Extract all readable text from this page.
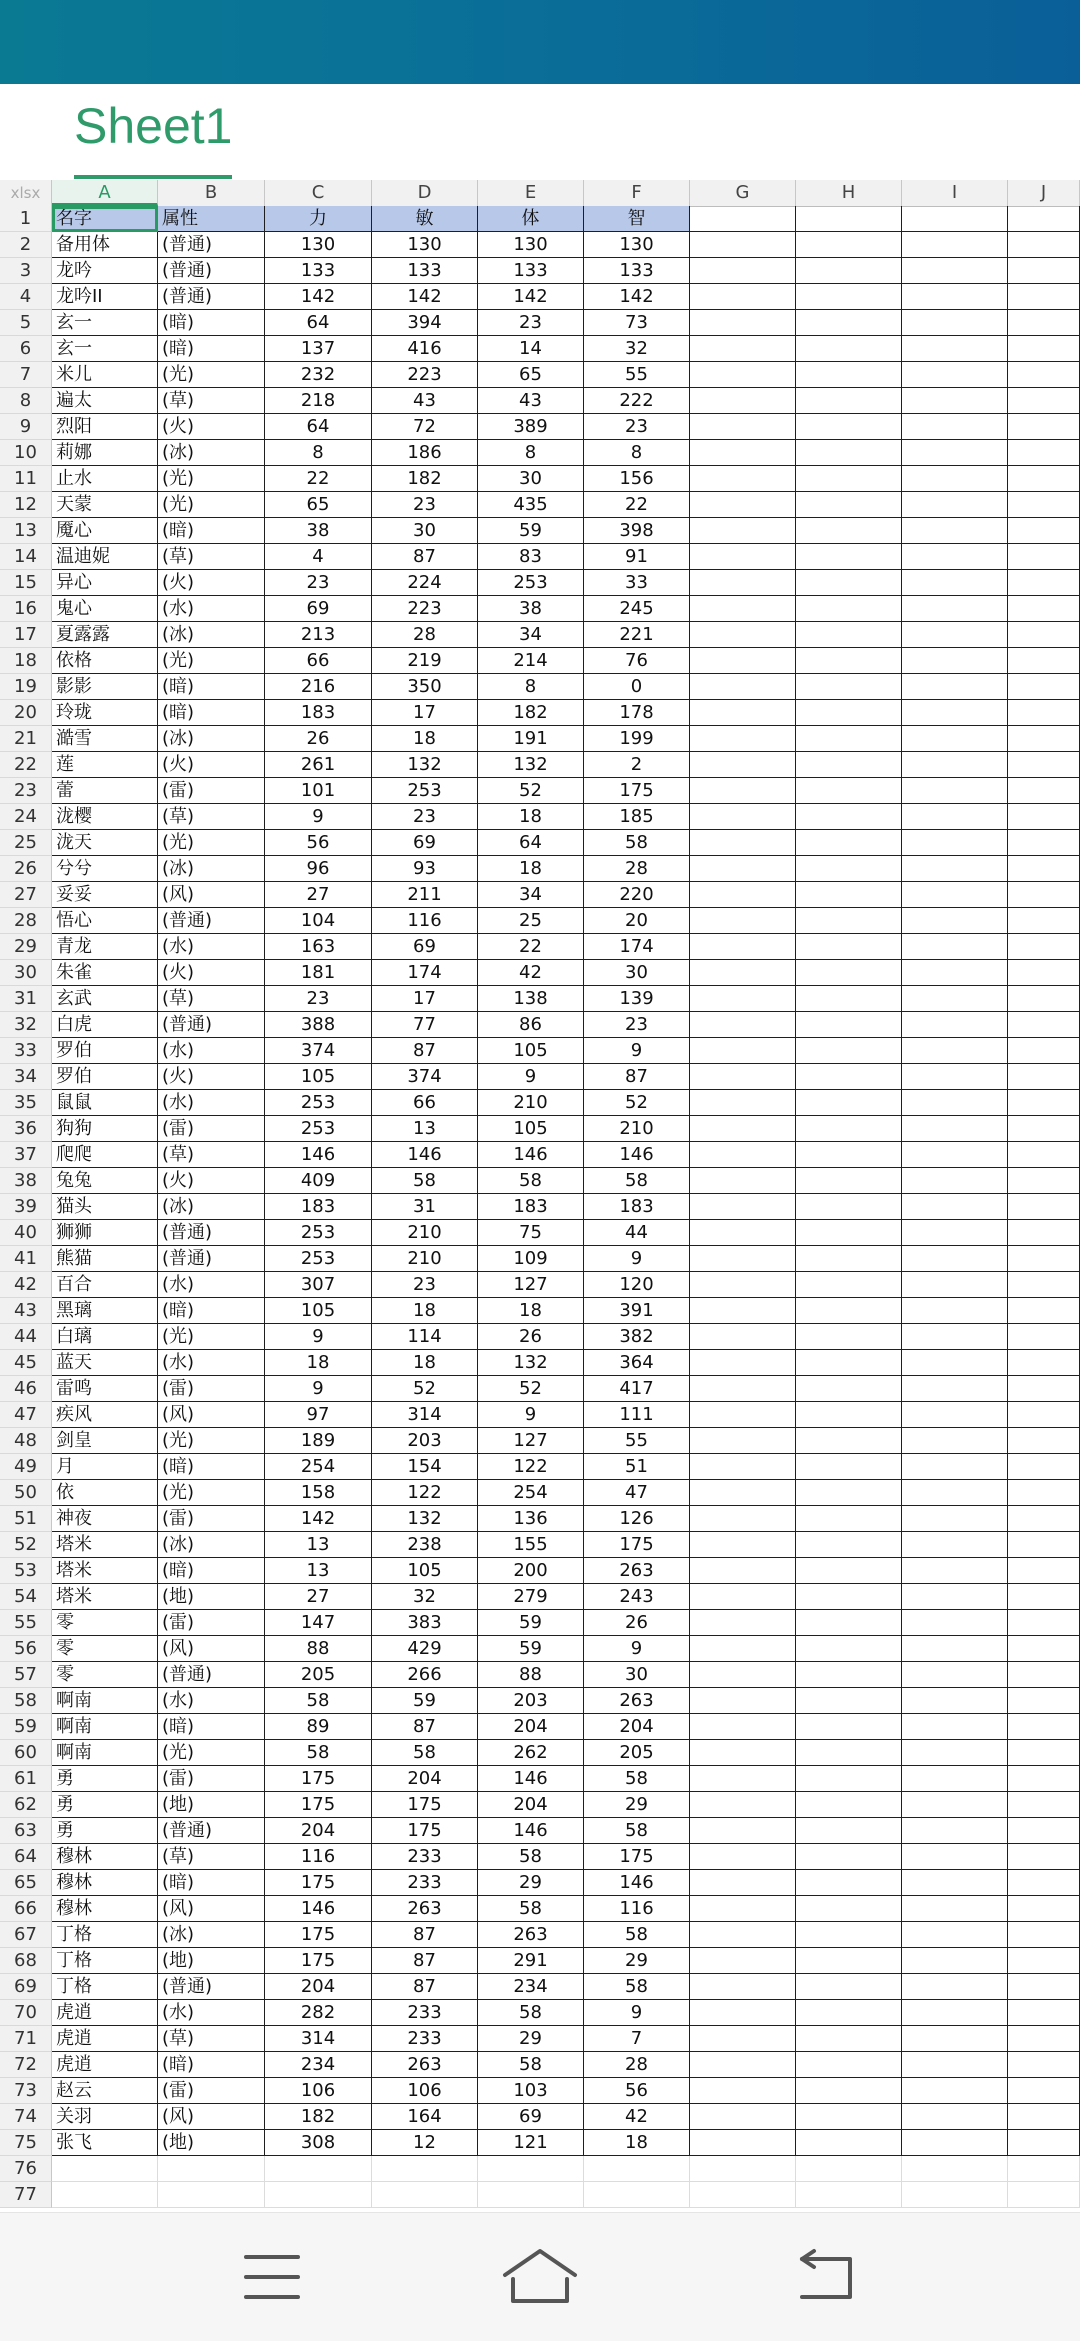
Sheet1
xlsx	A	B	C	D	E	F	G	H	I	J
1	名字	属性	力	敏	体	智
2	备用体	(普通)	130	130	130	130
3	龙吟	(普通)	133	133	133	133
4	龙吟II	(普通)	142	142	142	142
5	玄一	(暗)	64	394	23	73
6	玄一	(暗)	137	416	14	32
7	米儿	(光)	232	223	65	55
8	遍太	(草)	218	43	43	222
9	烈阳	(火)	64	72	389	23
10	莉娜	(冰)	8	186	8	8
11	止水	(光)	22	182	30	156
12	天蒙	(光)	65	23	435	22
13	魇心	(暗)	38	30	59	398
14	温迪妮	(草)	4	87	83	91
15	异心	(火)	23	224	253	33
16	鬼心	(水)	69	223	38	245
17	夏露露	(冰)	213	28	34	221
18	依格	(光)	66	219	214	76
19	影影	(暗)	216	350	8	0
20	玲珑	(暗)	183	17	182	178
21	澔雪	(冰)	26	18	191	199
22	莲	(火)	261	132	132	2
23	蕾	(雷)	101	253	52	175
24	泷樱	(草)	9	23	18	185
25	泷天	(光)	56	69	64	58
26	兮兮	(冰)	96	93	18	28
27	妥妥	(风)	27	211	34	220
28	悟心	(普通)	104	116	25	20
29	青龙	(水)	163	69	22	174
30	朱雀	(火)	181	174	42	30
31	玄武	(草)	23	17	138	139
32	白虎	(普通)	388	77	86	23
33	罗伯	(水)	374	87	105	9
34	罗伯	(火)	105	374	9	87
35	鼠鼠	(水)	253	66	210	52
36	狗狗	(雷)	253	13	105	210
37	爬爬	(草)	146	146	146	146
38	兔兔	(火)	409	58	58	58
39	猫头	(冰)	183	31	183	183
40	狮狮	(普通)	253	210	75	44
41	熊猫	(普通)	253	210	109	9
42	百合	(水)	307	23	127	120
43	黑璃	(暗)	105	18	18	391
44	白璃	(光)	9	114	26	382
45	蓝天	(水)	18	18	132	364
46	雷鸣	(雷)	9	52	52	417
47	疾风	(风)	97	314	9	111
48	剑皇	(光)	189	203	127	55
49	月	(暗)	254	154	122	51
50	依	(光)	158	122	254	47
51	神夜	(雷)	142	132	136	126
52	塔米	(冰)	13	238	155	175
53	塔米	(暗)	13	105	200	263
54	塔米	(地)	27	32	279	243
55	零	(雷)	147	383	59	26
56	零	(风)	88	429	59	9
57	零	(普通)	205	266	88	30
58	啊南	(水)	58	59	203	263
59	啊南	(暗)	89	87	204	204
60	啊南	(光)	58	58	262	205
61	勇	(雷)	175	204	146	58
62	勇	(地)	175	175	204	29
63	勇	(普通)	204	175	146	58
64	穆林	(草)	116	233	58	175
65	穆林	(暗)	175	233	29	146
66	穆林	(风)	146	263	58	116
67	丁格	(冰)	175	87	263	58
68	丁格	(地)	175	87	291	29
69	丁格	(普通)	204	87	234	58
70	虎逍	(水)	282	233	58	9
71	虎逍	(草)	314	233	29	7
72	虎逍	(暗)	234	263	58	28
73	赵云	(雷)	106	106	103	56
74	关羽	(风)	182	164	69	42
75	张飞	(地)	308	12	121	18
76
77
